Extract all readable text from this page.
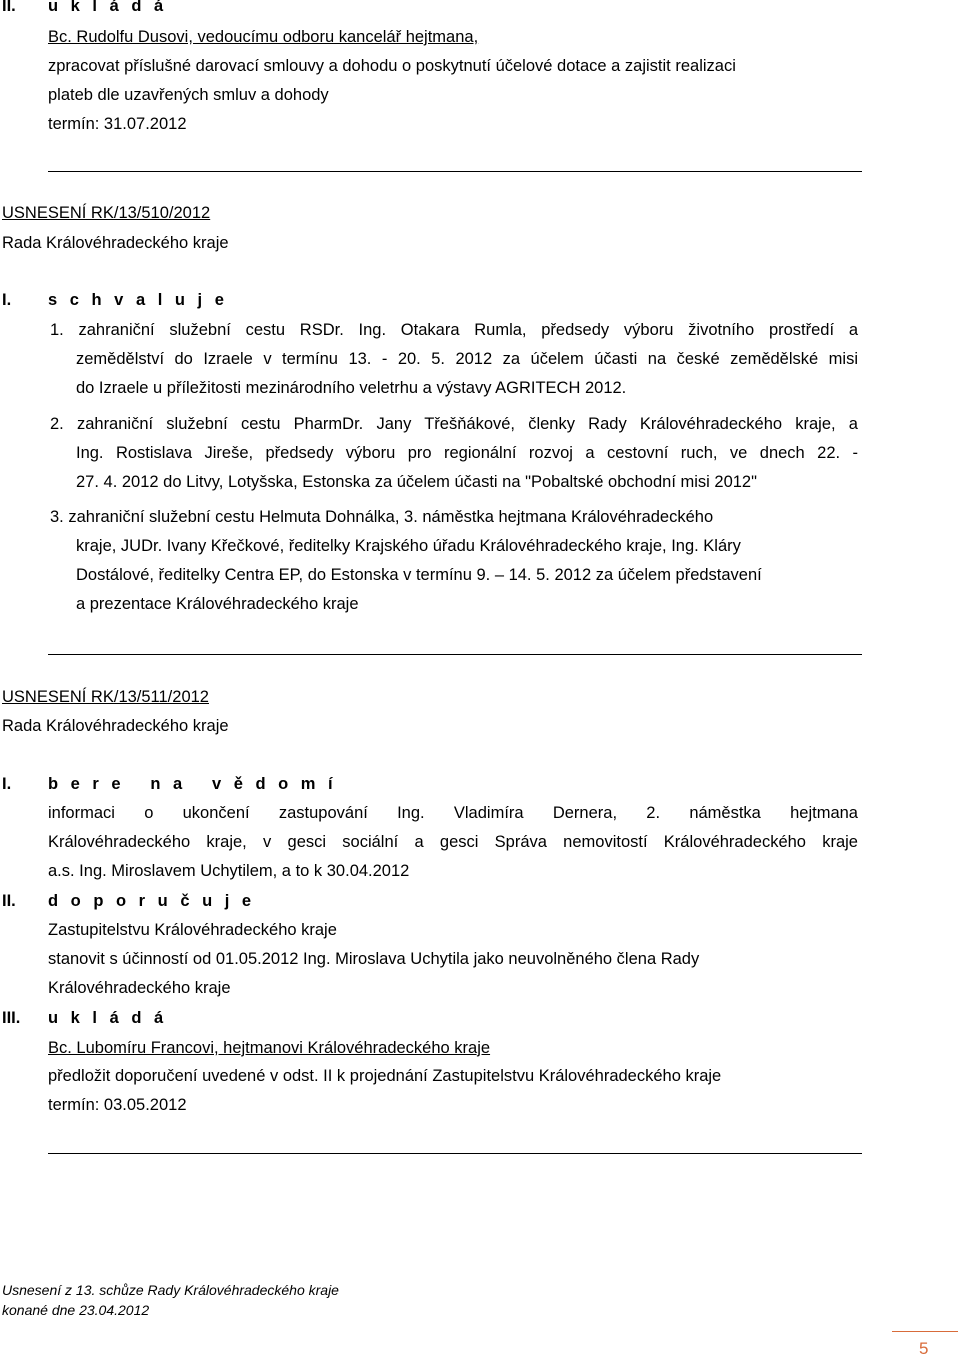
II. u k l á d á
Bc. Rudolfu Dusovi, vedoucímu odboru kancelář hejtmana,
zpracovat příslušné darovací smlouvy a dohodu o poskytnutí účelové dotace a zajistit realizaci
plateb dle uzavřených smluv a dohody
termín: 31.07.2012
USNESENÍ RK/13/510/2012
Rada Královéhradeckého kraje
I. s c h v a l u j e
1. zahraniční služební cestu RSDr. Ing. Otakara Rumla, předsedy výboru životního prostředí a
zemědělství do Izraele v termínu 13. - 20. 5. 2012 za účelem účasti na české zemědělské misi
do Izraele u příležitosti mezinárodního veletrhu a výstavy AGRITECH 2012.
2. zahraniční služební cestu PharmDr. Jany Třešňákové, členky Rady Královéhradeckého kraje, a
Ing. Rostislava Jireše, předsedy výboru pro regionální rozvoj a cestovní ruch, ve dnech 22. -
27. 4. 2012 do Litvy, Lotyšska, Estonska za účelem účasti na "Pobaltské obchodní misi 2012"
3. zahraniční služební cestu Helmuta Dohnálka, 3. náměstka hejtmana Královéhradeckého
kraje, JUDr. Ivany Křečkové, ředitelky Krajského úřadu Královéhradeckého kraje, Ing. Kláry
Dostálové, ředitelky Centra EP, do Estonska v termínu 9. – 14. 5. 2012 za účelem představení
a prezentace Královéhradeckého kraje
USNESENÍ RK/13/511/2012
Rada Královéhradeckého kraje
I. b e r e   n a   v ě d o m í
informaci o ukončení zastupování Ing. Vladimíra Dernera, 2. náměstka hejtmana
Královéhradeckého kraje, v gesci sociální a gesci Správa nemovitostí Královéhradeckého kraje
a.s. Ing. Miroslavem Uchytilem, a to k 30.04.2012
II. d o p o r u č u j e
Zastupitelstvu Královéhradeckého kraje
stanovit s účinností od 01.05.2012 Ing. Miroslava Uchytila jako neuvolněného člena Rady
Královéhradeckého kraje
III. u k l á d á
Bc. Lubomíru Francovi, hejtmanovi Královéhradeckého kraje
předložit doporučení uvedené v odst. II k projednání Zastupitelstvu Královéhradeckého kraje
termín: 03.05.2012
Usnesení z 13. schůze Rady Královéhradeckého kraje
konané dne 23.04.2012
5
